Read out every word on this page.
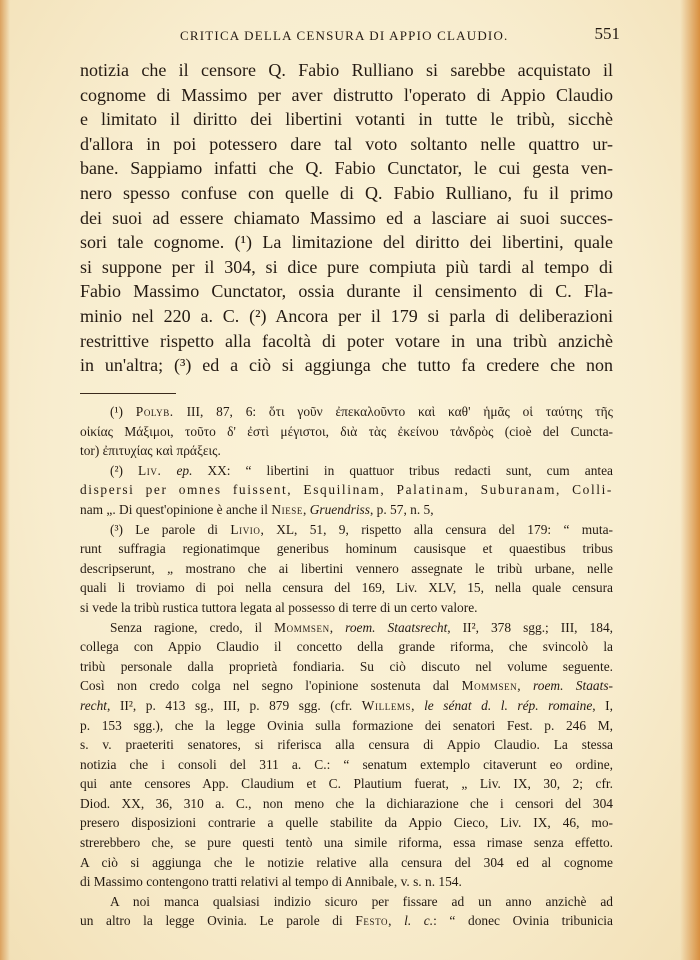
CRITICA DELLA CENSURA DI APPIO CLAUDIO.	551
notizia che il censore Q. Fabio Rulliano si sarebbe acquistato il
cognome di Massimo per aver distrutto l'operato di Appio Claudio
e limitato il diritto dei libertini votanti in tutte le tribù, sicchè
d'allora in poi potessero dare tal voto soltanto nelle quattro ur-
bane. Sappiamo infatti che Q. Fabio Cunctator, le cui gesta ven-
nero spesso confuse con quelle di Q. Fabio Rulliano, fu il primo
dei suoi ad essere chiamato Massimo ed a lasciare ai suoi succes-
sori tale cognome. (¹) La limitazione del diritto dei libertini, quale
si suppone per il 304, si dice pure compiuta più tardi al tempo di
Fabio Massimo Cunctator, ossia durante il censimento di C. Fla-
minio nel 220 a. C. (²) Ancora per il 179 si parla di deliberazioni
restrittive rispetto alla facoltà di poter votare in una tribù anzichè
in un'altra; (³) ed a ciò si aggiunga che tutto fa credere che non
(¹) Polyb. III, 87, 6: ὅτι γοῦν ἐπεκαλοῦντο καὶ καθ' ἡμᾶς οἱ ταύτης τῆς
οἰκίας Μάξιμοι, τοῦτο δ' ἐστὶ μέγιστοι, διὰ τὰς ἐκείνου τἀνδρὸς (cioè del Cuncta-
tor) ἐπιτυχίας καὶ πράξεις.
(²) Liv. ep. XX: “ libertini in quattuor tribus redacti sunt, cum antea
dispersi per omnes fuissent, Esquilinam, Palatinam, Suburanam, Colli-
nam „. Di quest'opinione è anche il Niese, Gruendriss, p. 57, n. 5,
(³) Le parole di Livio, XL, 51, 9, rispetto alla censura del 179: “ muta-
runt suffragia regionatimque generibus hominum causisque et quaestibus tribus
descripserunt, „ mostrano che ai libertini vennero assegnate le tribù urbane, nelle
quali li troviamo di poi nella censura del 169, Liv. XLV, 15, nella quale censura
si vede la tribù rustica tuttora legata al possesso di terre di un certo valore.
Senza ragione, credo, il Mommsen, roem. Staatsrecht, II², 378 sgg.; III, 184,
collega con Appio Claudio il concetto della grande riforma, che svincolò la
tribù personale dalla proprietà fondiaria. Su ciò discuto nel volume seguente.
Così non credo colga nel segno l'opinione sostenuta dal Mommsen, roem. Staats-
recht, II², p. 413 sg., III, p. 879 sgg. (cfr. Willems, le sénat d. l. rép. romaine, I,
p. 153 sgg.), che la legge Ovinia sulla formazione dei senatori Fest. p. 246 M,
s. v. praeteriti senatores, si riferisca alla censura di Appio Claudio. La stessa
notizia che i consoli del 311 a. C.: “ senatum extemplo citaverunt eo ordine,
qui ante censores App. Claudium et C. Plautium fuerat, „ Liv. IX, 30, 2; cfr.
Diod. XX, 36, 310 a. C., non meno che la dichiarazione che i censori del 304
presero disposizioni contrarie a quelle stabilite da Appio Cieco, Liv. IX, 46, mo-
strerebbero che, se pure questi tentò una simile riforma, essa rimase senza effetto.
A ciò si aggiunga che le notizie relative alla censura del 304 ed al cognome
di Massimo contengono tratti relativi al tempo di Annibale, v. s. n. 154.
A noi manca qualsiasi indizio sicuro per fissare ad un anno anzichè ad
un altro la legge Ovinia. Le parole di Festo, l. c.: “ donec Ovinia tribunicia
